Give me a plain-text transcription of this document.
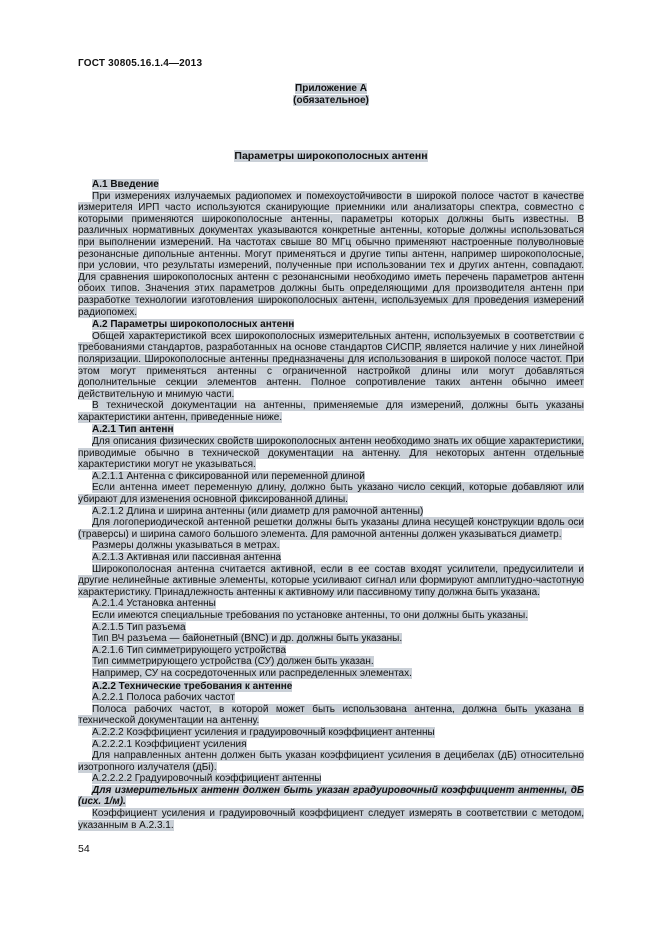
ГОСТ 30805.16.1.4—2013
Приложение А
(обязательное)
Параметры широкополосных антенн

А.1 Введение

При измерениях излучаемых радиопомех и помехоустойчивости в широкой полосе частот в качестве измерителя ИРП часто используются сканирующие приемники или анализаторы спектра, совместно с которыми применяются широкополосные антенны, параметры которых должны быть известны. В различных нормативных документах указываются конкретные антенны, которые должны использоваться при выполнении измерений. На частотах свыше 80 МГц обычно применяют настроенные полуволновые резонансные дипольные антенны. Могут применяться и другие типы антенн, например широкополосные, при условии, что результаты измерений, полученные при использовании тех и других антенн, совпадают. Для сравнения широкополосных антенн с резонансными необходимо иметь перечень параметров антенн обоих типов. Значения этих параметров должны быть определяющими для производителя антенн при разработке технологии изготовления широкополосных антенн, используемых для проведения измерений радиопомех.

А.2 Параметры широкополосных антенн

Общей характеристикой всех широкополосных измерительных антенн, используемых в соответствии с требованиями стандартов, разработанных на основе стандартов СИСПР, является наличие у них линейной поляризации. Широкополосные антенны предназначены для использования в широкой полосе частот. При этом могут применяться антенны с ограниченной настройкой длины или могут добавляться дополнительные секции элементов антенн. Полное сопротивление таких антенн обычно имеет действительную и мнимую части.

В технической документации на антенны, применяемые для измерений, должны быть указаны характеристики антенн, приведенные ниже.

А.2.1 Тип антенн

Для описания физических свойств широкополосных антенн необходимо знать их общие характеристики, приводимые обычно в технической документации на антенну. Для некоторых антенн отдельные характеристики могут не указываться.

А.2.1.1 Антенна с фиксированной или переменной длиной

Если антенна имеет переменную длину, должно быть указано число секций, которые добавляют или убирают для изменения основной фиксированной длины.

А.2.1.2 Длина и ширина антенны (или диаметр для рамочной антенны)

Для логопериодической антенной решетки должны быть указаны длина несущей конструкции вдоль оси (траверсы) и ширина самого большого элемента. Для рамочной антенны должен указываться диаметр.

Размеры должны указываться в метрах.

А.2.1.3 Активная или пассивная антенна

Широкополосная антенна считается активной, если в ее состав входят усилители, предусилители и другие нелинейные активные элементы, которые усиливают сигнал или формируют амплитудно-частотную характеристику. Принадлежность антенны к активному или пассивному типу должна быть указана.

А.2.1.4 Установка антенны

Если имеются специальные требования по установке антенны, то они должны быть указаны.

А.2.1.5 Тип разъема

Тип ВЧ разъема — байонетный (BNC) и др. должны быть указаны.

А.2.1.6 Тип симметрирующего устройства

Тип симметрирующего устройства (СУ) должен быть указан.

Например, СУ на сосредоточенных или распределенных элементах.

А.2.2 Технические требования к антенне

А.2.2.1 Полоса рабочих частот

Полоса рабочих частот, в которой может быть использована антенна, должна быть указана в технической документации на антенну.

А.2.2.2 Коэффициент усиления и градуировочный коэффициент антенны

А.2.2.2.1 Коэффициент усиления

Для направленных антенн должен быть указан коэффициент усиления в децибелах (дБ) относительно изотропного излучателя (дБi).

А.2.2.2.2 Градуировочный коэффициент антенны

Для измерительных антенн должен быть указан градуировочный коэффициент антенны, дБ (исх. 1/м).

Коэффициент усиления и градуировочный коэффициент следует измерять в соответствии с методом, указанным в А.2.3.1.

54
